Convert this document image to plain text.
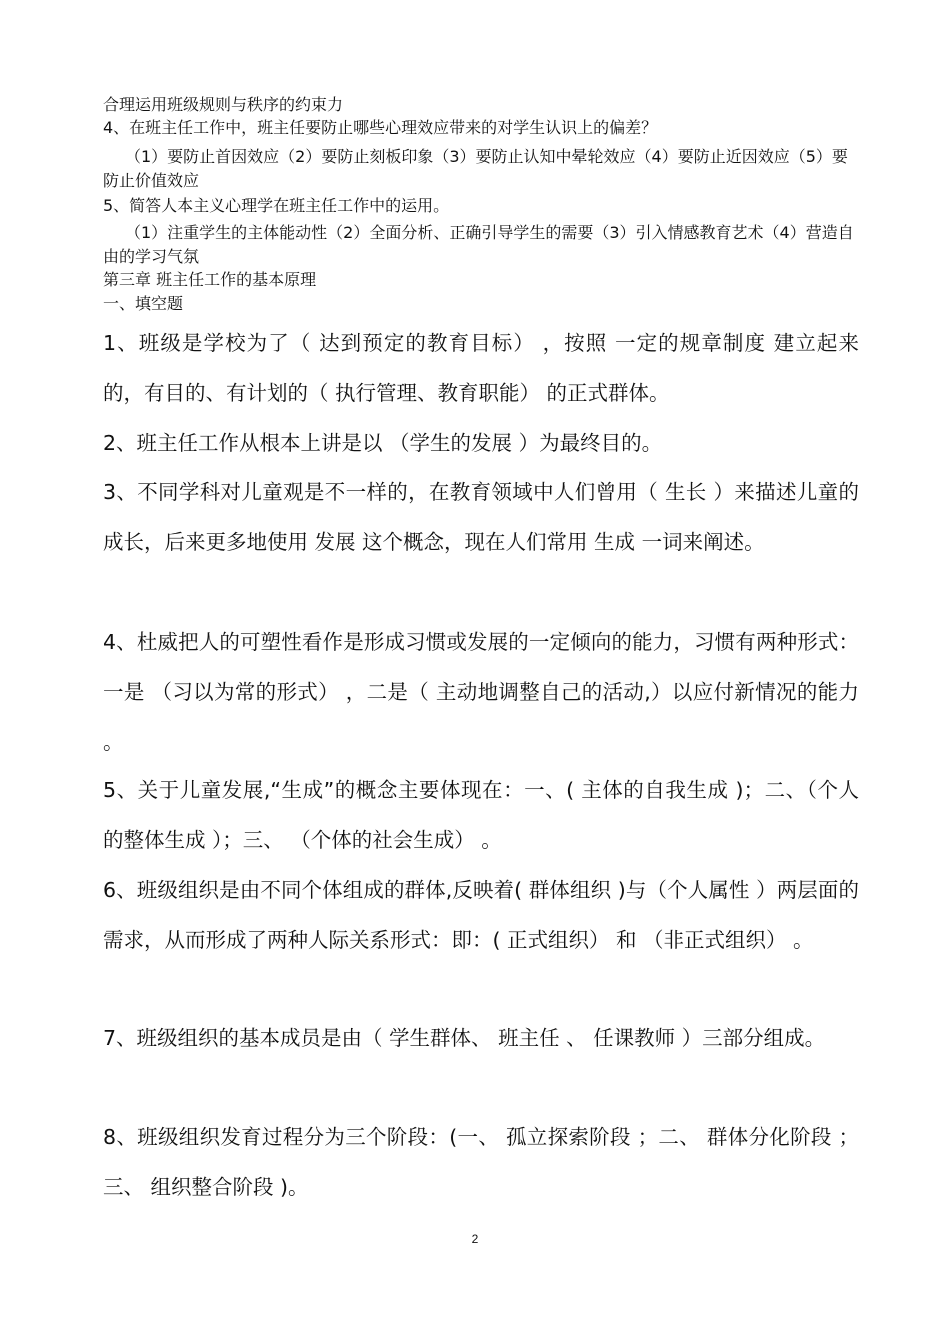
合理运用班级规则与秩序的约束力
4、在班主任工作中，班主任要防止哪些心理效应带来的对学生认识上的偏差？
（1）要防止首因效应（2）要防止刻板印象（3）要防止认知中晕轮效应（4）要防止近因效应（5）要防止价值效应
5、简答人本主义心理学在班主任工作中的运用。
（1）注重学生的主体能动性（2）全面分析、正确引导学生的需要（3）引入情感教育艺术（4）营造自由的学习气氛
第三章 班主任工作的基本原理
一、填空题
1、班级是学校为了（ 达到预定的教育目标） ，按照 一定的规章制度 建立起来的，有目的、有计划的（ 执行管理、教育职能） 的正式群体。
2、班主任工作从根本上讲是以 （学生的发展 ）为最终目的。
3、不同学科对儿童观是不一样的，在教育领域中人们曾用（ 生长 ）来描述儿童的成长，后来更多地使用 发展 这个概念，现在人们常用 生成 一词来阐述。
4、杜威把人的可塑性看作是形成习惯或发展的一定倾向的能力，习惯有两种形式：一是 （习以为常的形式） ，二是（ 主动地调整自己的活动,）以应付新情况的能力 。
5、关于儿童发展,“生成”的概念主要体现在：一、( 主体的自我生成 )；二、（个人的整体生成 ）；三、 （个体的社会生成） 。
6、班级组织是由不同个体组成的群体,反映着( 群体组织 )与（个人属性 ）两层面的需求，从而形成了两种人际关系形式：即：( 正式组织） 和 （非正式组织） 。
7、班级组织的基本成员是由（ 学生群体、 班主任 、 任课教师 ）三部分组成。
8、班级组织发育过程分为三个阶段：(一、 孤立探索阶段 ；二、 群体分化阶段 ；三、 组织整合阶段 )。
2
